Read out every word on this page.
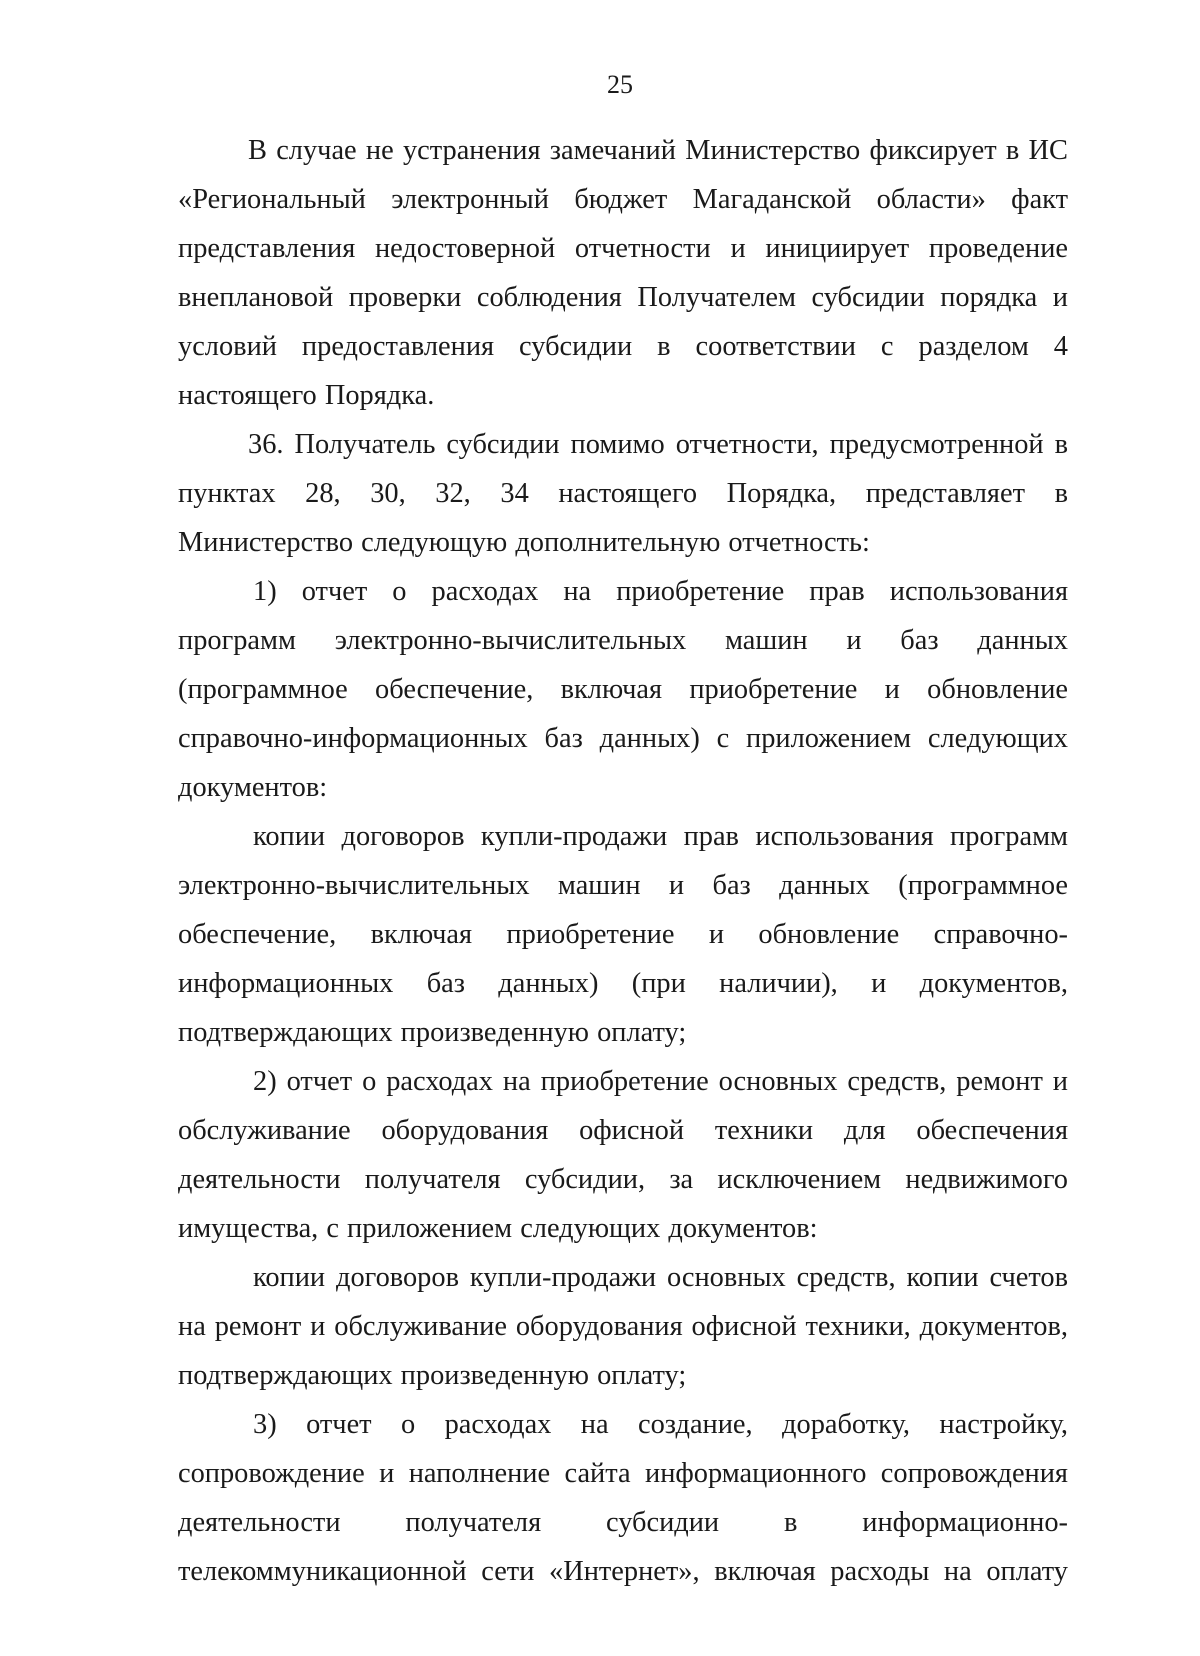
25

В случае не устранения замечаний Министерство фиксирует в ИС «Региональный электронный бюджет Магаданской области» факт представления недостоверной отчетности и инициирует проведение внеплановой проверки соблюдения Получателем субсидии порядка и условий предоставления субсидии в соответствии с разделом 4 настоящего Порядка.

36. Получатель субсидии помимо отчетности, предусмотренной в пунктах 28, 30, 32, 34 настоящего Порядка, представляет в Министерство следующую дополнительную отчетность:

1) отчет о расходах на приобретение прав использования программ электронно-вычислительных машин и баз данных (программное обеспечение, включая приобретение и обновление справочно-информационных баз данных) с приложением следующих документов:

копии договоров купли-продажи прав использования программ электронно-вычислительных машин и баз данных (программное обеспечение, включая приобретение и обновление справочно-информационных баз данных) (при наличии), и документов, подтверждающих произведенную оплату;

2) отчет о расходах на приобретение основных средств, ремонт и обслуживание оборудования офисной техники для обеспечения деятельности получателя субсидии, за исключением недвижимого имущества, с приложением следующих документов:

копии договоров купли-продажи основных средств, копии счетов на ремонт и обслуживание оборудования офисной техники, документов, подтверждающих произведенную оплату;

3) отчет о расходах на создание, доработку, настройку, сопровождение и наполнение сайта информационного сопровождения деятельности получателя субсидии в информационно-телекоммуникационной сети «Интернет», включая расходы на оплату
